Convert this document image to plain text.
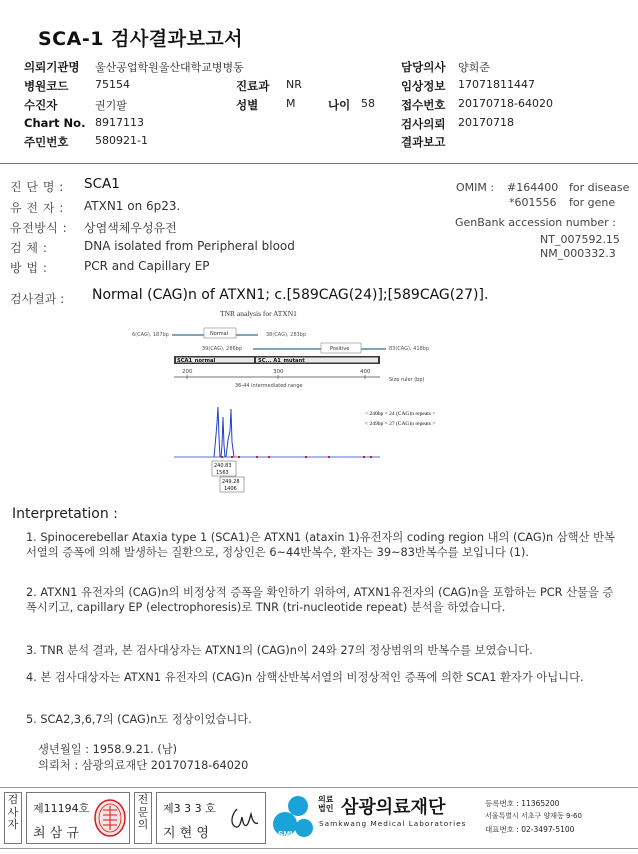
SCA-1 검사결과보고서
의뢰기관명 울산공업학원울산대학교병병동
병원코드 75154	진료과 NR
수진자	권기팔	성별	M	나이 58
Chart No. 8917113
주민번호 580921-1
담당의사 양희준
임상정보 17071811447
접수번호 20170718-64020
검사의뢰 20170718
결과보고
진 단 명 : SCA1
유 전 자 : ATXN1 on 6p23.
유전방식 : 상염색체우성유전
검 체 :	DNA isolated from Peripheral blood
방 법 :	PCR and Capillary EP
OMIM : #164400 for disease
*601556 for gene
GenBank accession number :
NT_007592.15
NM_000332.3
검사결과 : Normal (CAG)n of ATXN1; c.[589CAG(24)];[589CAG(27)].
TNR analysis for ATXN1
6(CAG), 187bp	Normal	38(CAG), 283bp
39(CAG), 286bp	Positive	83(CAG), 418bp
SCA1_normal	SC... A1_mutant
200	300	400
Size ruler (bp)
36-44 intermediated range
< 240bp = 24 (CAG)n repeats >
< 249bp = 27 (CAG)n repeats >
240.83
1563
249.28
1406
Interpretation :
1. Spinocerebellar Ataxia type 1 (SCA1)은 ATXN1 (ataxin 1)유전자의 coding region 내의 (CAG)n 삼핵산 반복서열의 증폭에 의해 발생하는 질환으로, 정상인은 6~44반복수, 환자는 39~83반복수를 보입니다 (1).
2. ATXN1 유전자의 (CAG)n의 비정상적 증폭을 확인하기 위하여, ATXN1유전자의 (CAG)n을 포함하는 PCR 산물을 증폭시키고, capillary EP (electrophoresis)로 TNR (tri-nucleotide repeat) 분석을 하였습니다.
3. TNR 분석 결과, 본 검사대상자는 ATXN1의 (CAG)n이 24와 27의 정상범위의 반복수를 보였습니다.
4. 본 검사대상자는 ATXN1 유전자의 (CAG)n 삼핵산반복서열의 비정상적인 증폭에 의한 SCA1 환자가 아닙니다.
5. SCA2,3,6,7의 (CAG)n도 정상이었습니다.
생년월일 : 1958.9.21. (남)
의뢰처 : 삼광의료재단 20170718-64020
검사자
제11194호
최 삼 규
전문의
제3 3 3 호
지 현 영	SML
의료
법인 삼광의료재단
Samkwang Medical Laboratories
등록번호 : 11365200
서울특별시 서초구 양재동 9-60
대표번호 : 02-3497-5100
